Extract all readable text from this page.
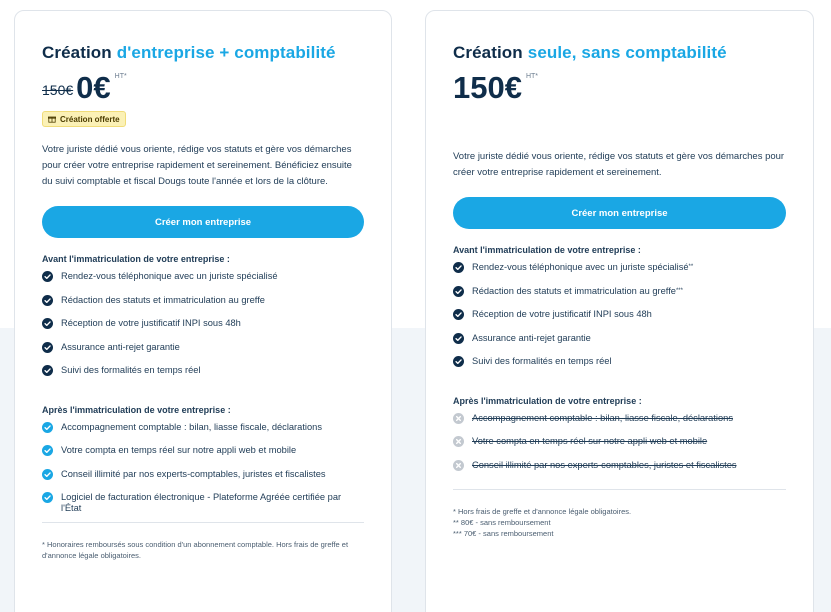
Création d'entreprise + comptabilité
150€ 0€ HT*
Création offerte

Votre juriste dédié vous oriente, rédige vos statuts et gère vos démarches pour créer votre entreprise rapidement et sereinement. Bénéficiez ensuite du suivi comptable et fiscal Dougs toute l'année et lors de la clôture.

Créer mon entreprise
Avant l'immatriculation de votre entreprise :
Rendez-vous téléphonique avec un juriste spécialisé
Rédaction des statuts et immatriculation au greffe
Réception de votre justificatif INPI sous 48h
Assurance anti-rejet garantie
Suivi des formalités en temps réel
Après l'immatriculation de votre entreprise :
Accompagnement comptable : bilan, liasse fiscale, déclarations
Votre compta en temps réel sur notre appli web et mobile
Conseil illimité par nos experts-comptables, juristes et fiscalistes
Logiciel de facturation électronique - Plateforme Agréée certifiée par l'État
* Honoraires remboursés sous condition d'un abonnement comptable. Hors frais de greffe et d'annonce légale obligatoires.
Création seule, sans comptabilité
150€ HT*

Votre juriste dédié vous oriente, rédige vos statuts et gère vos démarches pour créer votre entreprise rapidement et sereinement.

Créer mon entreprise
Avant l'immatriculation de votre entreprise :
Rendez-vous téléphonique avec un juriste spécialisé **
Rédaction des statuts et immatriculation au greffe ***
Réception de votre justificatif INPI sous 48h
Assurance anti-rejet garantie
Suivi des formalités en temps réel
Après l'immatriculation de votre entreprise :
Accompagnement comptable : bilan, liasse fiscale, déclarations
Votre compta en temps réel sur notre appli web et mobile
Conseil illimité par nos experts-comptables, juristes et fiscalistes
* Hors frais de greffe et d'annonce légale obligatoires.
** 80€ - sans remboursement
*** 70€ - sans remboursement
